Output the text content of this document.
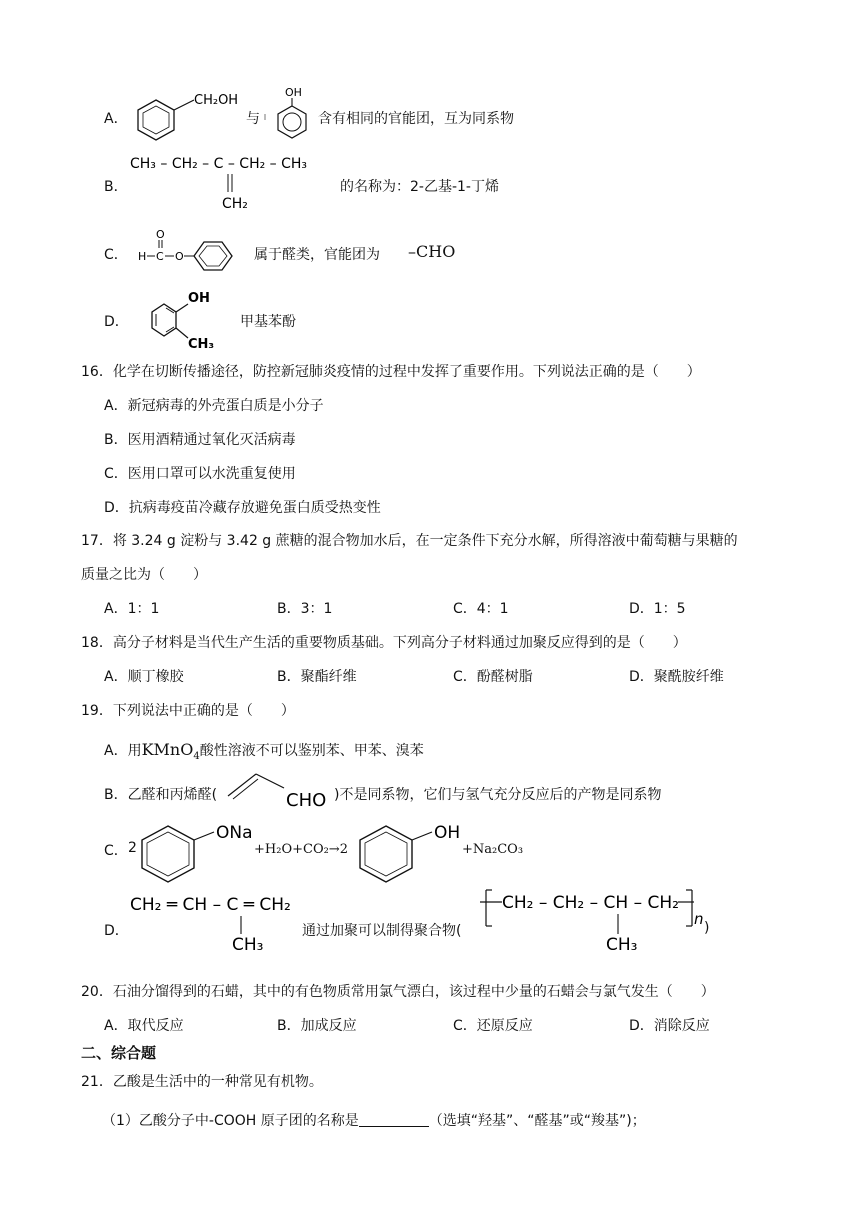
A．
CH₂OH
与
OH
含有相同的官能团，互为同系物
B．
CH₃ – CH₂ – C – CH₂ – CH₃
CH₂
的名称为：2-乙基-1-丁烯
C． H C
O
O	属于醛类，官能团为 –CHO
D．
OH
CH₃
甲基苯酚
16．化学在切断传播途径，防控新冠肺炎疫情的过程中发挥了重要作用。下列说法正确的是（　　）
A．新冠病毒的外壳蛋白质是小分子
B．医用酒精通过氧化灭活病毒
C．医用口罩可以水洗重复使用
D．抗病毒疫苗冷藏存放避免蛋白质受热变性
17．将 3.24 g 淀粉与 3.42 g 蔗糖的混合物加水后，在一定条件下充分水解，所得溶液中葡萄糖与果糖的
质量之比为（　　）
A．1：1	B．3：1	C．4：1	D．1：5
18．高分子材料是当代生产生活的重要物质基础。下列高分子材料通过加聚反应得到的是（　　）
A．顺丁橡胶	B．聚酯纤维	C．酚醛树脂	D．聚酰胺纤维
19．下列说法中正确的是（　　）
A．用KMnO$_4$酸性溶液不可以鉴别苯、甲苯、溴苯
B．乙醛和丙烯醛(	CHO )不是同系物，它们与氢气充分反应后的产物是同系物
C． 2
ONa
+H₂O+CO₂→2
OH
+Na₂CO₃
D．
CH₂ ═ CH – C ═ CH₂
CH₃
通过加聚可以制得聚合物(
CH₂ – CH₂ – CH – CH₂
n
CH₃
)
20．石油分馏得到的石蜡，其中的有色物质常用氯气漂白，该过程中少量的石蜡会与氯气发生（　　）
A．取代反应	B．加成反应	C．还原反应	D．消除反应
二、综合题
21．乙酸是生活中的一种常见有机物。
（1）乙酸分子中-COOH 原子团的名称是	（选填“羟基”、“醛基”或“羧基”)；
